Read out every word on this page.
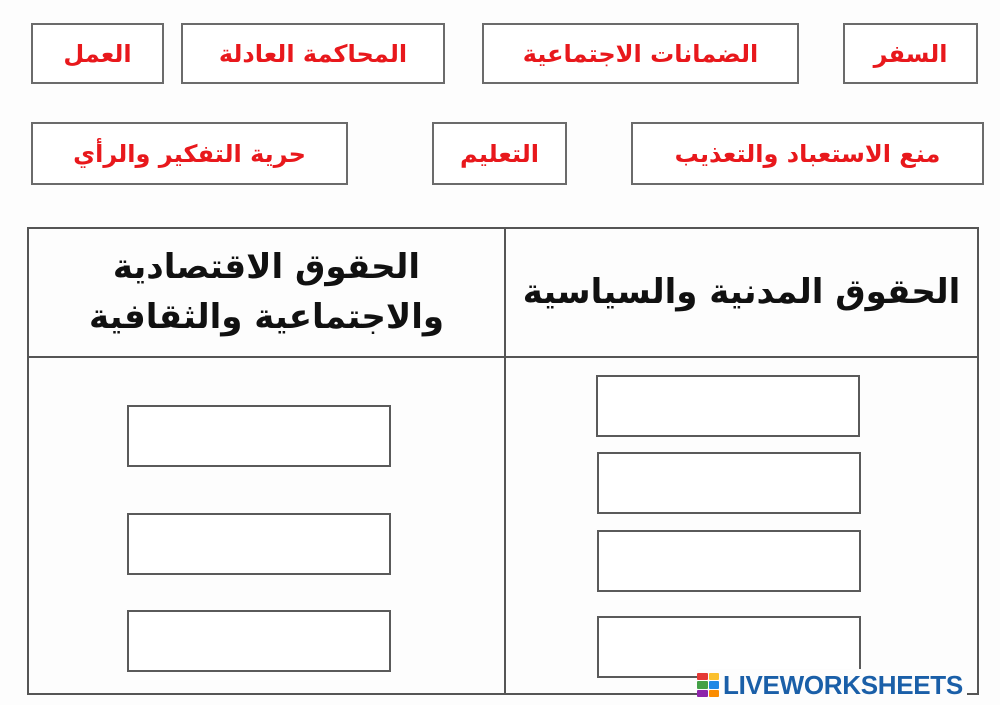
العمل	المحاكمة العادلة	الضمانات الاجتماعية	السفر
حرية التفكير والرأي	التعليم	منع الاستعباد والتعذيب
الحقوق الاقتصادية
والاجتماعية والثقافية
الحقوق المدنية والسياسية
LIVEWORKSHEETS
